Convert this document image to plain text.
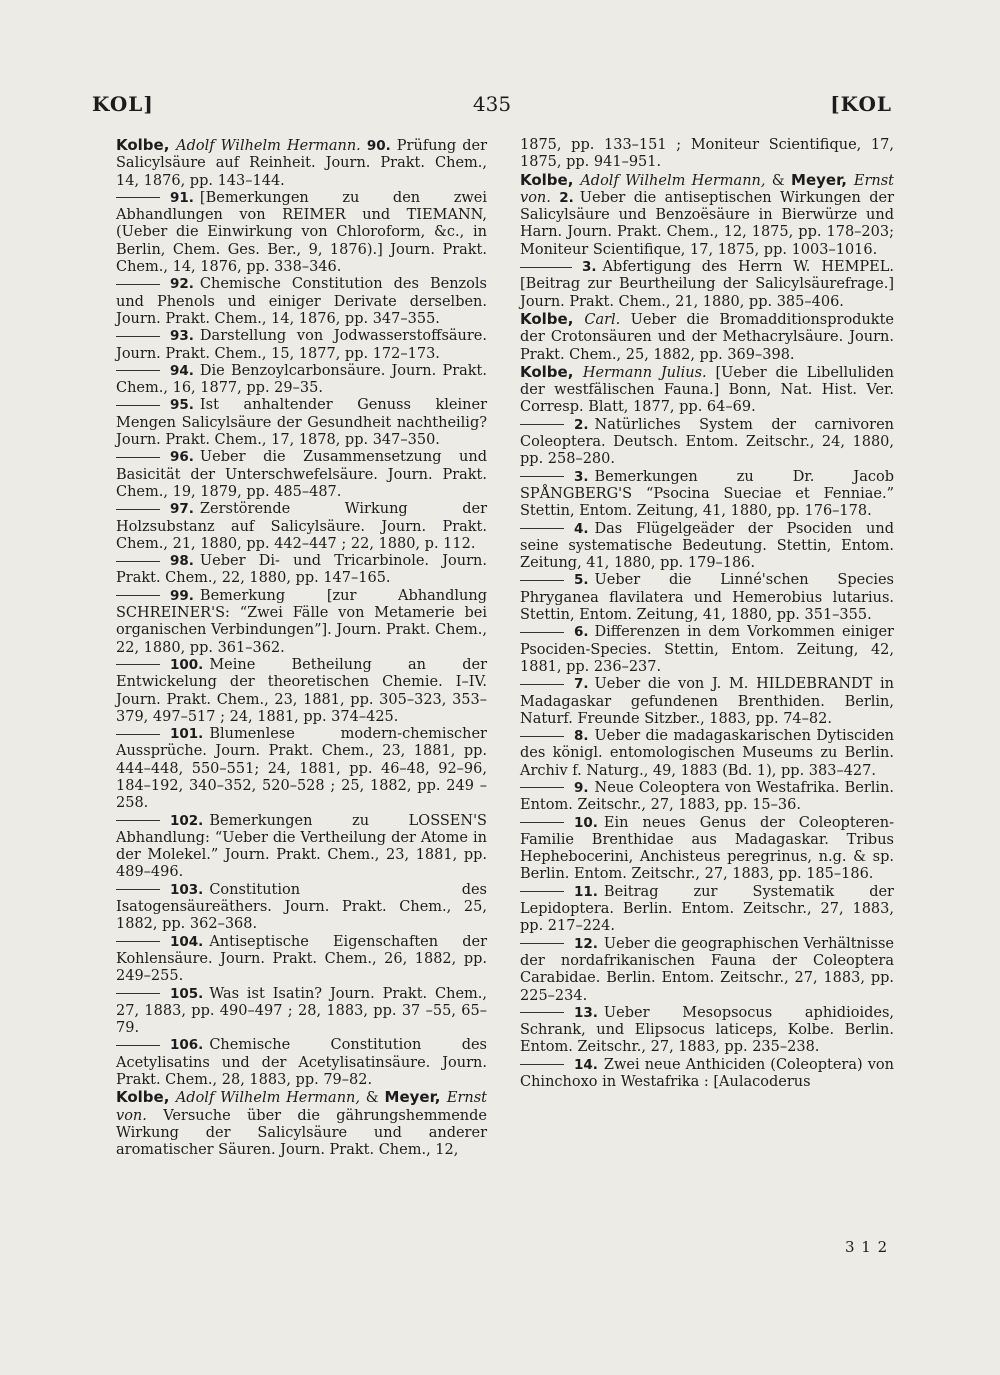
KOL]	435	[KOL

Kolbe, Adolf Wilhelm Hermann. 90. Prüfung der Salicylsäure auf Reinheit. Journ. Prakt. Chem., 14, 1876, pp. 143–144.

91. [Bemerkungen zu den zwei Abhandlungen von REIMER und TIEMANN, (Ueber die Einwirkung von Chloroform, &c., in Berlin, Chem. Ges. Ber., 9, 1876).] Journ. Prakt. Chem., 14, 1876, pp. 338–346.

92. Chemische Constitution des Benzols und Phenols und einiger Derivate derselben. Journ. Prakt. Chem., 14, 1876, pp. 347–355.

93. Darstellung von Jodwasserstoffsäure. Journ. Prakt. Chem., 15, 1877, pp. 172–173.

94. Die Benzoylcarbonsäure. Journ. Prakt. Chem., 16, 1877, pp. 29–35.

95. Ist anhaltender Genuss kleiner Mengen Salicylsäure der Gesundheit nachtheilig? Journ. Prakt. Chem., 17, 1878, pp. 347–350.

96. Ueber die Zusammensetzung und Basicität der Unterschwefelsäure. Journ. Prakt. Chem., 19, 1879, pp. 485–487.

97. Zerstörende Wirkung der Holzsubstanz auf Salicylsäure. Journ. Prakt. Chem., 21, 1880, pp. 442–447 ; 22, 1880, p. 112.

98. Ueber Di- und Tricarbinole. Journ. Prakt. Chem., 22, 1880, pp. 147–165.

99. Bemerkung [zur Abhandlung SCHREINER'S: “Zwei Fälle von Metamerie bei organischen Verbindungen”]. Journ. Prakt. Chem., 22, 1880, pp. 361–362.

100. Meine Betheilung an der Entwickelung der theoretischen Chemie. I–IV. Journ. Prakt. Chem., 23, 1881, pp. 305–323, 353–379, 497–517 ; 24, 1881, pp. 374–425.

101. Blumenlese modern-chemischer Aussprüche. Journ. Prakt. Chem., 23, 1881, pp. 444–448, 550–551; 24, 1881, pp. 46–48, 92–96, 184–192, 340–352, 520–528 ; 25, 1882, pp. 249 –258.

102. Bemerkungen zu LOSSEN'S Abhandlung: “Ueber die Vertheilung der Atome in der Molekel.” Journ. Prakt. Chem., 23, 1881, pp. 489–496.

103. Constitution des Isatogensäureäthers. Journ. Prakt. Chem., 25, 1882, pp. 362–368.

104. Antiseptische Eigenschaften der Kohlensäure. Journ. Prakt. Chem., 26, 1882, pp. 249–255.

105. Was ist Isatin? Journ. Prakt. Chem., 27, 1883, pp. 490–497 ; 28, 1883, pp. 37 –55, 65–79.

106. Chemische Constitution des Acetylisatins und der Acetylisatinsäure. Journ. Prakt. Chem., 28, 1883, pp. 79–82.

Kolbe, Adolf Wilhelm Hermann, & Meyer, Ernst von. Versuche über die gährungshemmende Wirkung der Salicylsäure und anderer aromatischer Säuren. Journ. Prakt. Chem., 12,

1875, pp. 133–151 ; Moniteur Scientifique, 17, 1875, pp. 941–951.

Kolbe, Adolf Wilhelm Hermann, & Meyer, Ernst von. 2. Ueber die antiseptischen Wirkungen der Salicylsäure und Benzoësäure in Bierwürze und Harn. Journ. Prakt. Chem., 12, 1875, pp. 178–203; Moniteur Scientifique, 17, 1875, pp. 1003–1016.

3. Abfertigung des Herrn W. HEMPEL. [Beitrag zur Beurtheilung der Salicylsäurefrage.] Journ. Prakt. Chem., 21, 1880, pp. 385–406.

Kolbe, Carl. Ueber die Bromadditionsprodukte der Crotonsäuren und der Methacrylsäure. Journ. Prakt. Chem., 25, 1882, pp. 369–398.

Kolbe, Hermann Julius. [Ueber die Libelluliden der westfälischen Fauna.] Bonn, Nat. Hist. Ver. Corresp. Blatt, 1877, pp. 64–69.

2. Natürliches System der carnivoren Coleoptera. Deutsch. Entom. Zeitschr., 24, 1880, pp. 258–280.

3. Bemerkungen zu Dr. Jacob SPÅNGBERG'S “Psocina Sueciae et Fenniae.” Stettin, Entom. Zeitung, 41, 1880, pp. 176–178.

4. Das Flügelgeäder der Psociden und seine systematische Bedeutung. Stettin, Entom. Zeitung, 41, 1880, pp. 179–186.

5. Ueber die Linné'schen Species Phryganea flavilatera und Hemerobius lutarius. Stettin, Entom. Zeitung, 41, 1880, pp. 351–355.

6. Differenzen in dem Vorkommen einiger Psociden-Species. Stettin, Entom. Zeitung, 42, 1881, pp. 236–237.

7. Ueber die von J. M. HILDEBRANDT in Madagaskar gefundenen Brenthiden. Berlin, Naturf. Freunde Sitzber., 1883, pp. 74–82.

8. Ueber die madagaskarischen Dytisciden des königl. entomologischen Museums zu Berlin. Archiv f. Naturg., 49, 1883 (Bd. 1), pp. 383–427.

9. Neue Coleoptera von Westafrika. Berlin. Entom. Zeitschr., 27, 1883, pp. 15–36.

10. Ein neues Genus der Coleopteren-Familie Brenthidae aus Madagaskar. Tribus Hephebocerini, Anchisteus peregrinus, n.g. & sp. Berlin. Entom. Zeitschr., 27, 1883, pp. 185–186.

11. Beitrag zur Systematik der Lepidoptera. Berlin. Entom. Zeitschr., 27, 1883, pp. 217–224.

12. Ueber die geographischen Verhältnisse der nordafrikanischen Fauna der Coleoptera Carabidae. Berlin. Entom. Zeitschr., 27, 1883, pp. 225–234.

13. Ueber Mesopsocus aphidioides, Schrank, und Elipsocus laticeps, Kolbe. Berlin. Entom. Zeitschr., 27, 1883, pp. 235–238.

14. Zwei neue Anthiciden (Coleoptera) von Chinchoxo in Westafrika : [Aulacoderus

3 1 2
